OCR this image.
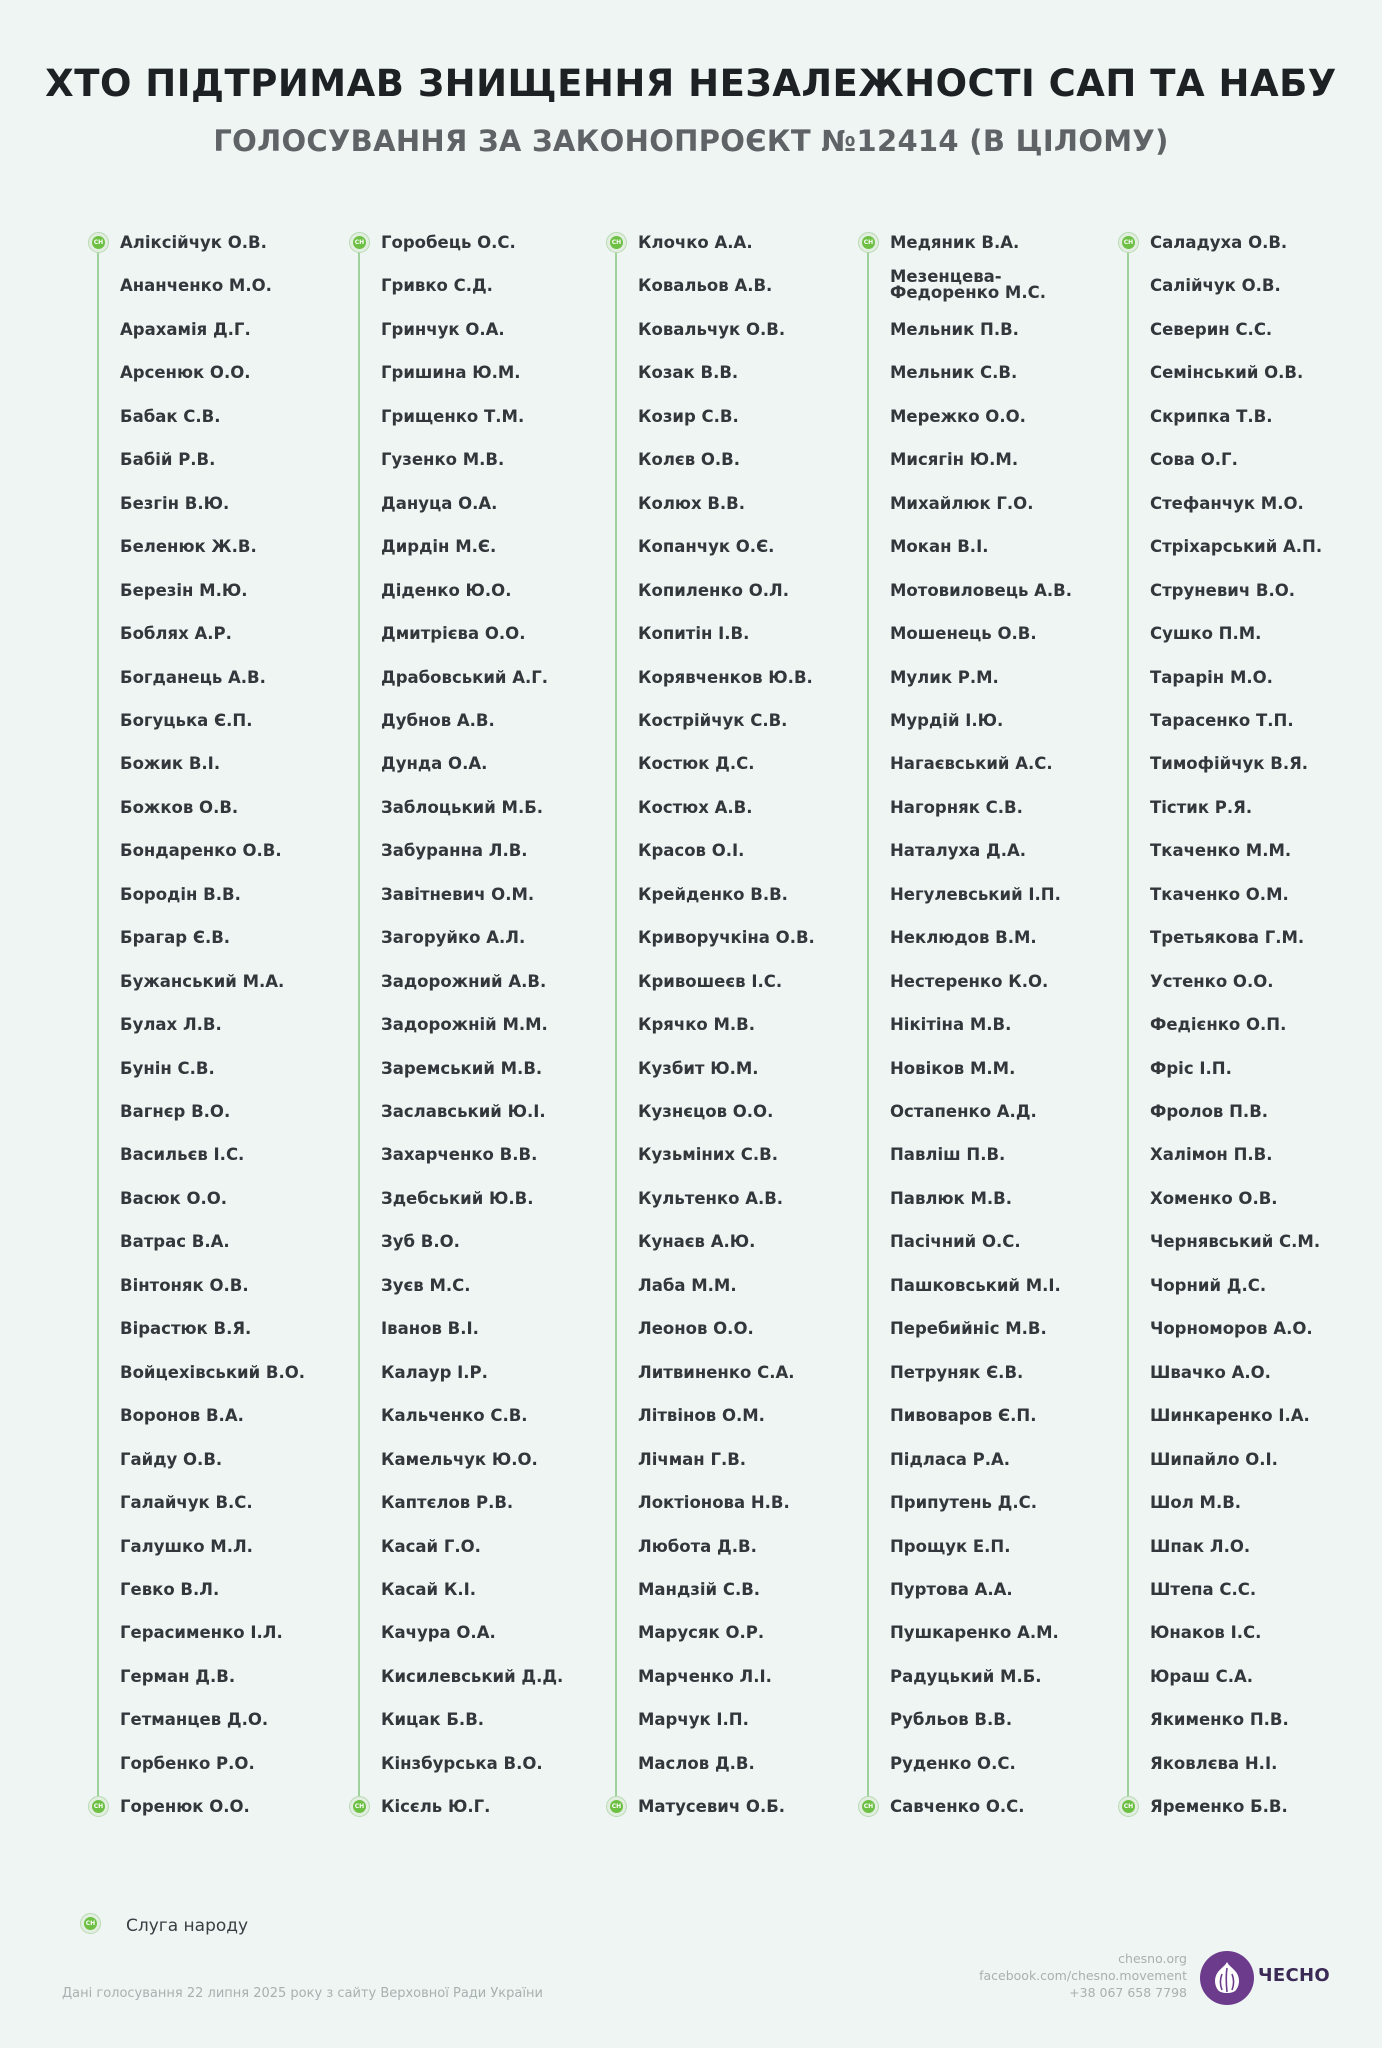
ХТО ПІДТРИМАВ ЗНИЩЕННЯ НЕЗАЛЕЖНОСТІ САП ТА НАБУ
ГОЛОСУВАННЯ ЗА ЗАКОНОПРОЄКТ №12414 (В ЦІЛОМУ)
СН
СН
Аліксійчук О.В.
Ананченко М.О.
Арахамія Д.Г.
Арсенюк О.О.
Бабак С.В.
Бабій Р.В.
Безгін В.Ю.
Беленюк Ж.В.
Березін М.Ю.
Боблях А.Р.
Богданець А.В.
Богуцька Є.П.
Божик В.І.
Божков О.В.
Бондаренко О.В.
Бородін В.В.
Брагар Є.В.
Бужанський М.А.
Булах Л.В.
Бунін С.В.
Вагнєр В.О.
Васильєв І.С.
Васюк О.О.
Ватрас В.А.
Вінтоняк О.В.
Вірастюк В.Я.
Войцехівський В.О.
Воронов В.А.
Гайду О.В.
Галайчук В.С.
Галушко М.Л.
Гевко В.Л.
Герасименко І.Л.
Герман Д.В.
Гетманцев Д.О.
Горбенко Р.О.
Горенюк О.О.
СН
СН
Горобець О.С.
Гривко С.Д.
Гринчук О.А.
Гришина Ю.М.
Грищенко Т.М.
Гузенко М.В.
Дануца О.А.
Дирдін М.Є.
Діденко Ю.О.
Дмитрієва О.О.
Драбовський А.Г.
Дубнов А.В.
Дунда О.А.
Заблоцький М.Б.
Забуранна Л.В.
Завітневич О.М.
Загоруйко А.Л.
Задорожний А.В.
Задорожній М.М.
Заремський М.В.
Заславський Ю.І.
Захарченко В.В.
Здебський Ю.В.
Зуб В.О.
Зуєв М.С.
Іванов В.І.
Калаур І.Р.
Кальченко С.В.
Камельчук Ю.О.
Каптєлов Р.В.
Касай Г.О.
Касай К.І.
Качура О.А.
Кисилевський Д.Д.
Кицак Б.В.
Кінзбурська В.О.
Кісєль Ю.Г.
СН
СН
Клочко А.А.
Ковальов А.В.
Ковальчук О.В.
Козак В.В.
Козир С.В.
Колєв О.В.
Колюх В.В.
Копанчук О.Є.
Копиленко О.Л.
Копитін І.В.
Корявченков Ю.В.
Кострійчук С.В.
Костюк Д.С.
Костюх А.В.
Красов О.І.
Крейденко В.В.
Криворучкіна О.В.
Кривошеєв І.С.
Крячко М.В.
Кузбит Ю.М.
Кузнєцов О.О.
Кузьміних С.В.
Культенко А.В.
Кунаєв А.Ю.
Лаба М.М.
Леонов О.О.
Литвиненко С.А.
Літвінов О.М.
Лічман Г.В.
Локтіонова Н.В.
Любота Д.В.
Мандзій С.В.
Марусяк О.Р.
Марченко Л.І.
Марчук І.П.
Маслов Д.В.
Матусевич О.Б.
СН
СН
Медяник В.А.
Мезенцева-
Федоренко М.С.
Мельник П.В.
Мельник С.В.
Мережко О.О.
Мисягін Ю.М.
Михайлюк Г.О.
Мокан В.І.
Мотовиловець А.В.
Мошенець О.В.
Мулик Р.М.
Мурдій І.Ю.
Нагаєвський А.С.
Нагорняк С.В.
Наталуха Д.А.
Негулевський І.П.
Неклюдов В.М.
Нестеренко К.О.
Нікітіна М.В.
Новіков М.М.
Остапенко А.Д.
Павліш П.В.
Павлюк М.В.
Пасічний О.С.
Пашковський М.І.
Перебийніс М.В.
Петруняк Є.В.
Пивоваров Є.П.
Підласа Р.А.
Припутень Д.С.
Прощук Е.П.
Пуртова А.А.
Пушкаренко А.М.
Радуцький М.Б.
Рубльов В.В.
Руденко О.С.
Савченко О.С.
СН
СН
Саладуха О.В.
Салійчук О.В.
Северин С.С.
Семінський О.В.
Скрипка Т.В.
Сова О.Г.
Стефанчук М.О.
Стріхарський А.П.
Струневич В.О.
Сушко П.М.
Тарарін М.О.
Тарасенко Т.П.
Тимофійчук В.Я.
Тістик Р.Я.
Ткаченко М.М.
Ткаченко О.М.
Третьякова Г.М.
Устенко О.О.
Федієнко О.П.
Фріс І.П.
Фролов П.В.
Халімон П.В.
Хоменко О.В.
Чернявський С.М.
Чорний Д.С.
Чорноморов А.О.
Швачко А.О.
Шинкаренко І.А.
Шипайло О.І.
Шол М.В.
Шпак Л.О.
Штепа С.С.
Юнаков І.С.
Юраш С.А.
Якименко П.В.
Яковлєва Н.І.
Яременко Б.В.
СН
Слуга народу
Дані голосування 22 липня 2025 року з сайту Верховної Ради України
chesno.org
facebook.com/chesno.movement
+38 067 658 7798
ЧЕСНО
